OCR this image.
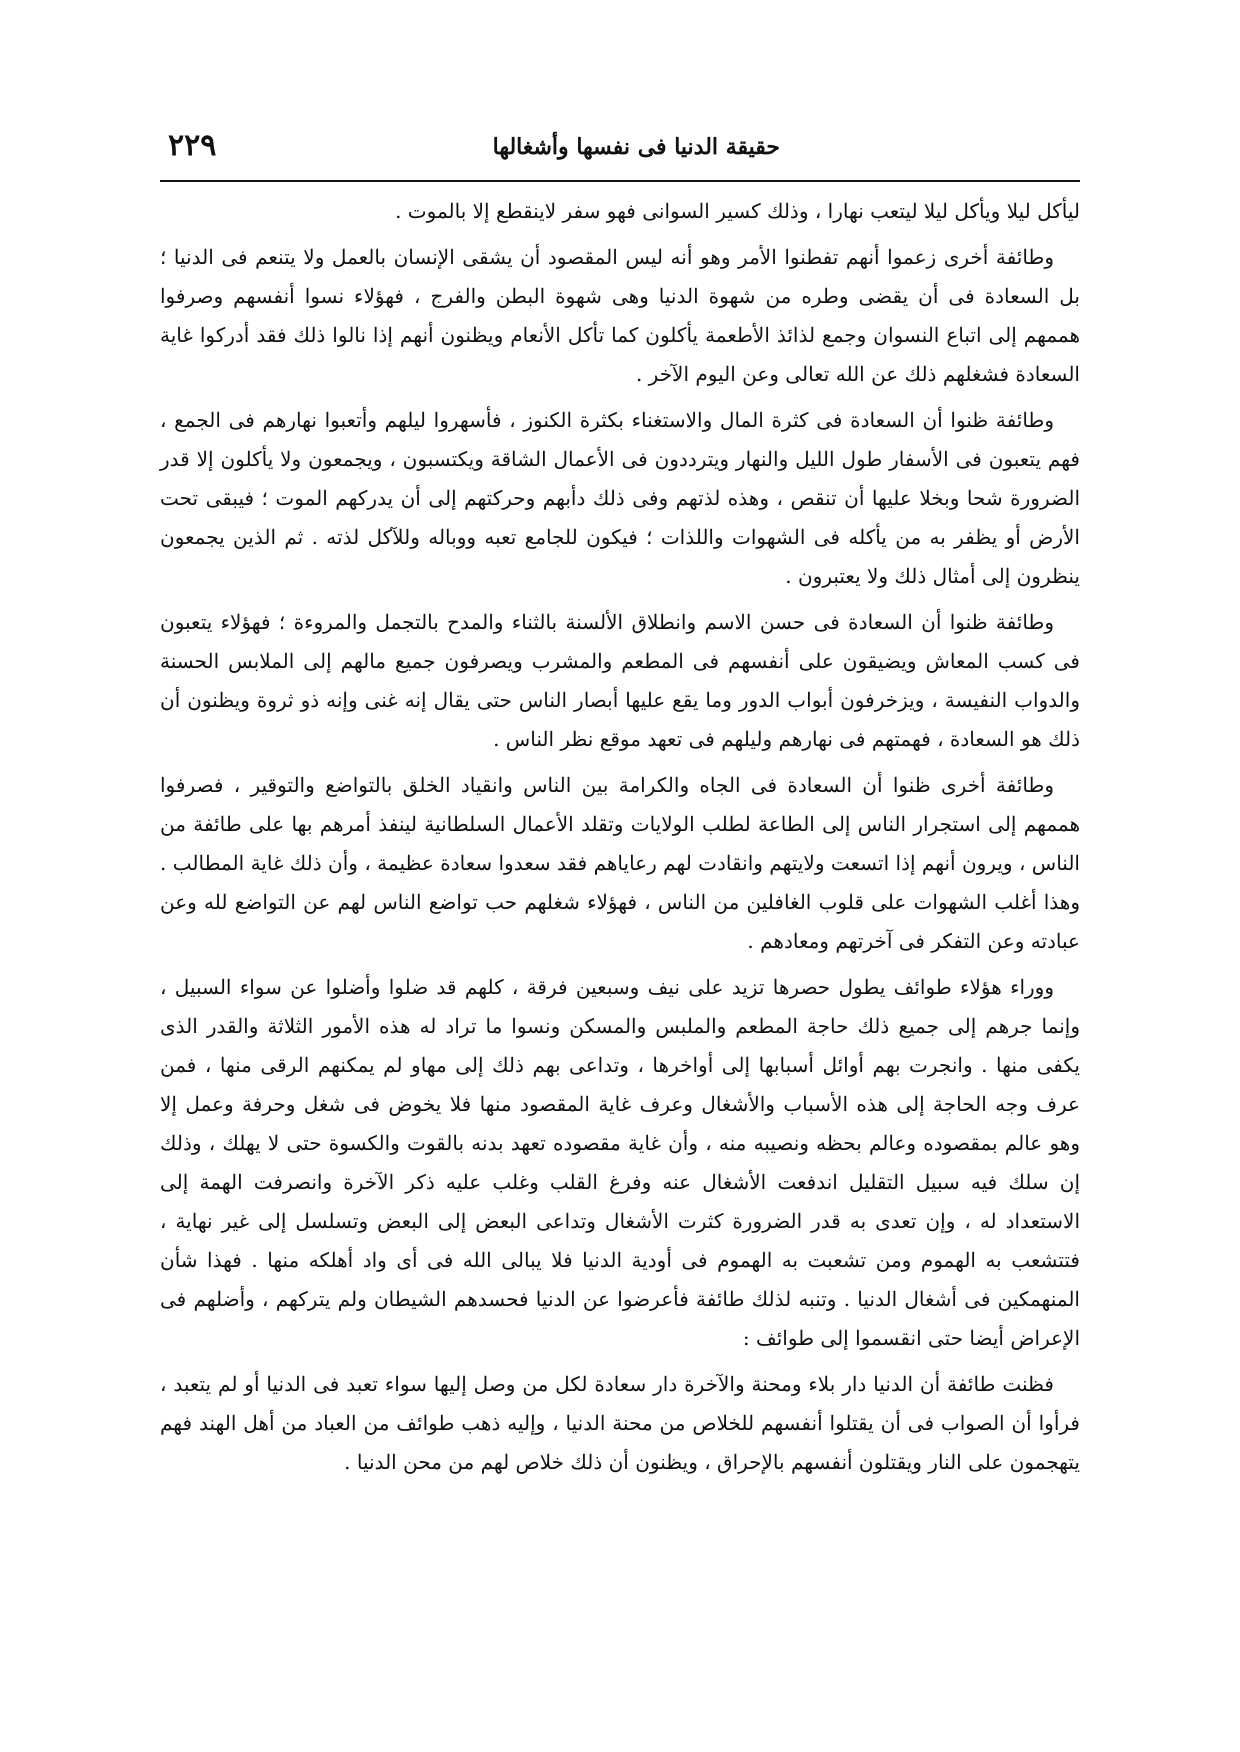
حقيقة الدنيا فى نفسها وأشغالها
٢٢٩

ليأكل ليلا ويأكل ليلا ليتعب نهارا ، وذلك كسير السوانى فهو سفر لاينقطع إلا بالموت .

وطائفة أخرى زعموا أنهم تفطنوا الأمر وهو أنه ليس المقصود أن يشقى الإنسان بالعمل ولا يتنعم فى الدنيا ؛ بل السعادة فى أن يقضى وطره من شهوة الدنيا وهى شهوة البطن والفرج ، فهؤلاء نسوا أنفسهم وصرفوا هممهم إلى اتباع النسوان وجمع لذائذ الأطعمة يأكلون كما تأكل الأنعام ويظنون أنهم إذا نالوا ذلك فقد أدركوا غاية السعادة فشغلهم ذلك عن الله تعالى وعن اليوم الآخر .

وطائفة ظنوا أن السعادة فى كثرة المال والاستغناء بكثرة الكنوز ، فأسهروا ليلهم وأتعبوا نهارهم فى الجمع ، فهم يتعبون فى الأسفار طول الليل والنهار ويترددون فى الأعمال الشاقة ويكتسبون ، ويجمعون ولا يأكلون إلا قدر الضرورة شحا وبخلا عليها أن تنقص ، وهذه لذتهم وفى ذلك دأبهم وحركتهم إلى أن يدركهم الموت ؛ فيبقى تحت الأرض أو يظفر به من يأكله فى الشهوات واللذات ؛ فيكون للجامع تعبه ووباله وللآكل لذته . ثم الذين يجمعون ينظرون إلى أمثال ذلك ولا يعتبرون .

وطائفة ظنوا أن السعادة فى حسن الاسم وانطلاق الألسنة بالثناء والمدح بالتجمل والمروءة ؛ فهؤلاء يتعبون فى كسب المعاش ويضيقون على أنفسهم فى المطعم والمشرب ويصرفون جميع مالهم إلى الملابس الحسنة والدواب النفيسة ، ويزخرفون أبواب الدور وما يقع عليها أبصار الناس حتى يقال إنه غنى وإنه ذو ثروة ويظنون أن ذلك هو السعادة ، فهمتهم فى نهارهم وليلهم فى تعهد موقع نظر الناس .

وطائفة أخرى ظنوا أن السعادة فى الجاه والكرامة بين الناس وانقياد الخلق بالتواضع والتوقير ، فصرفوا هممهم إلى استجرار الناس إلى الطاعة لطلب الولايات وتقلد الأعمال السلطانية لينفذ أمرهم بها على طائفة من الناس ، ويرون أنهم إذا اتسعت ولايتهم وانقادت لهم رعاياهم فقد سعدوا سعادة عظيمة ، وأن ذلك غاية المطالب . وهذا أغلب الشهوات على قلوب الغافلين من الناس ، فهؤلاء شغلهم حب تواضع الناس لهم عن التواضع لله وعن عبادته وعن التفكر فى آخرتهم ومعادهم .

ووراء هؤلاء طوائف يطول حصرها تزيد على نيف وسبعين فرقة ، كلهم قد ضلوا وأضلوا عن سواء السبيل ، وإنما جرهم إلى جميع ذلك حاجة المطعم والملبس والمسكن ونسوا ما تراد له هذه الأمور الثلاثة والقدر الذى يكفى منها . وانجرت بهم أوائل أسبابها إلى أواخرها ، وتداعى بهم ذلك إلى مهاو لم يمكنهم الرقى منها ، فمن عرف وجه الحاجة إلى هذه الأسباب والأشغال وعرف غاية المقصود منها فلا يخوض فى شغل وحرفة وعمل إلا وهو عالم بمقصوده وعالم بحظه ونصيبه منه ، وأن غاية مقصوده تعهد بدنه بالقوت والكسوة حتى لا يهلك ، وذلك إن سلك فيه سبيل التقليل اندفعت الأشغال عنه وفرغ القلب وغلب عليه ذكر الآخرة وانصرفت الهمة إلى الاستعداد له ، وإن تعدى به قدر الضرورة كثرت الأشغال وتداعى البعض إلى البعض وتسلسل إلى غير نهاية ، فتتشعب به الهموم ومن تشعبت به الهموم فى أودية الدنيا فلا يبالى الله فى أى واد أهلكه منها . فهذا شأن المنهمكين فى أشغال الدنيا . وتنبه لذلك طائفة فأعرضوا عن الدنيا فحسدهم الشيطان ولم يتركهم ، وأضلهم فى الإعراض أيضا حتى انقسموا إلى طوائف :

فظنت طائفة أن الدنيا دار بلاء ومحنة والآخرة دار سعادة لكل من وصل إليها سواء تعبد فى الدنيا أو لم يتعبد ، فرأوا أن الصواب فى أن يقتلوا أنفسهم للخلاص من محنة الدنيا ، وإليه ذهب طوائف من العباد من أهل الهند فهم يتهجمون على النار ويقتلون أنفسهم بالإحراق ، ويظنون أن ذلك خلاص لهم من محن الدنيا .
